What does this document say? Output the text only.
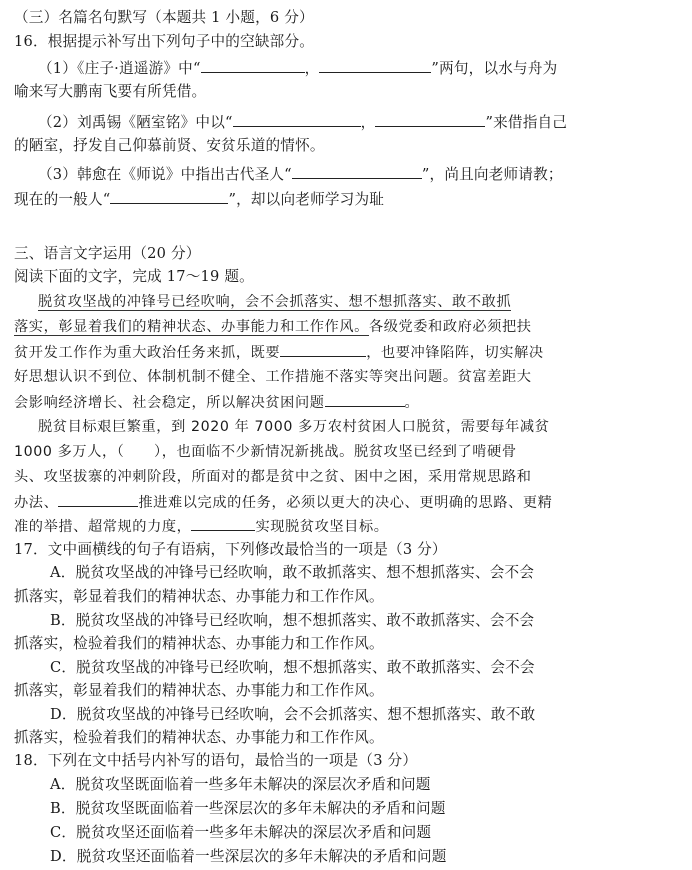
（三）名篇名句默写（本题共 1 小题，6 分）
16．根据提示补写出下列句子中的空缺部分。
（1）《庄子·逍遥游》中“	，	”两句，以水与舟为
喻来写大鹏南飞要有所凭借。
（2）刘禹锡《陋室铭》中以“	，	”来借指自己
的陋室，抒发自己仰慕前贤、安贫乐道的情怀。
（3）韩愈在《师说》中指出古代圣人“	”，尚且向老师请教；
现在的一般人“	”，却以向老师学习为耻
三、语言文字运用（20 分）
阅读下面的文字，完成 17～19 题。
脱贫攻坚战的冲锋号已经吹响，会不会抓落实、想不想抓落实、敢不敢抓
落实，彰显着我们的精神状态、办事能力和工作作风。各级党委和政府必须把扶
贫开发工作作为重大政治任务来抓，既要	，也要冲锋陷阵，切实解决
好思想认识不到位、体制机制不健全、工作措施不落实等突出问题。贫富差距大
会影响经济增长、社会稳定，所以解决贫困问题	。
脱贫目标艰巨繁重，到 2020 年 7000 多万农村贫困人口脱贫，需要每年减贫
1000 多万人，（　　），也面临不少新情况新挑战。脱贫攻坚已经到了啃硬骨
头、攻坚拔寨的冲刺阶段，所面对的都是贫中之贫、困中之困，采用常规思路和
办法、	推进难以完成的任务，必须以更大的决心、更明确的思路、更精
准的举措、超常规的力度，	实现脱贫攻坚目标。
17．文中画横线的句子有语病，下列修改最恰当的一项是（3 分）
A．脱贫攻坚战的冲锋号已经吹响，敢不敢抓落实、想不想抓落实、会不会
抓落实，彰显着我们的精神状态、办事能力和工作作风。
B．脱贫攻坚战的冲锋号已经吹响，想不想抓落实、敢不敢抓落实、会不会
抓落实，检验着我们的精神状态、办事能力和工作作风。
C．脱贫攻坚战的冲锋号已经吹响，想不想抓落实、敢不敢抓落实、会不会
抓落实，彰显着我们的精神状态、办事能力和工作作风。
D．脱贫攻坚战的冲锋号已经吹响，会不会抓落实、想不想抓落实、敢不敢
抓落实，检验着我们的精神状态、办事能力和工作作风。
18．下列在文中括号内补写的语句，最恰当的一项是（3 分）
A．脱贫攻坚既面临着一些多年未解决的深层次矛盾和问题
B．脱贫攻坚既面临着一些深层次的多年未解决的矛盾和问题
C．脱贫攻坚还面临着一些多年未解决的深层次矛盾和问题
D．脱贫攻坚还面临着一些深层次的多年未解决的矛盾和问题
